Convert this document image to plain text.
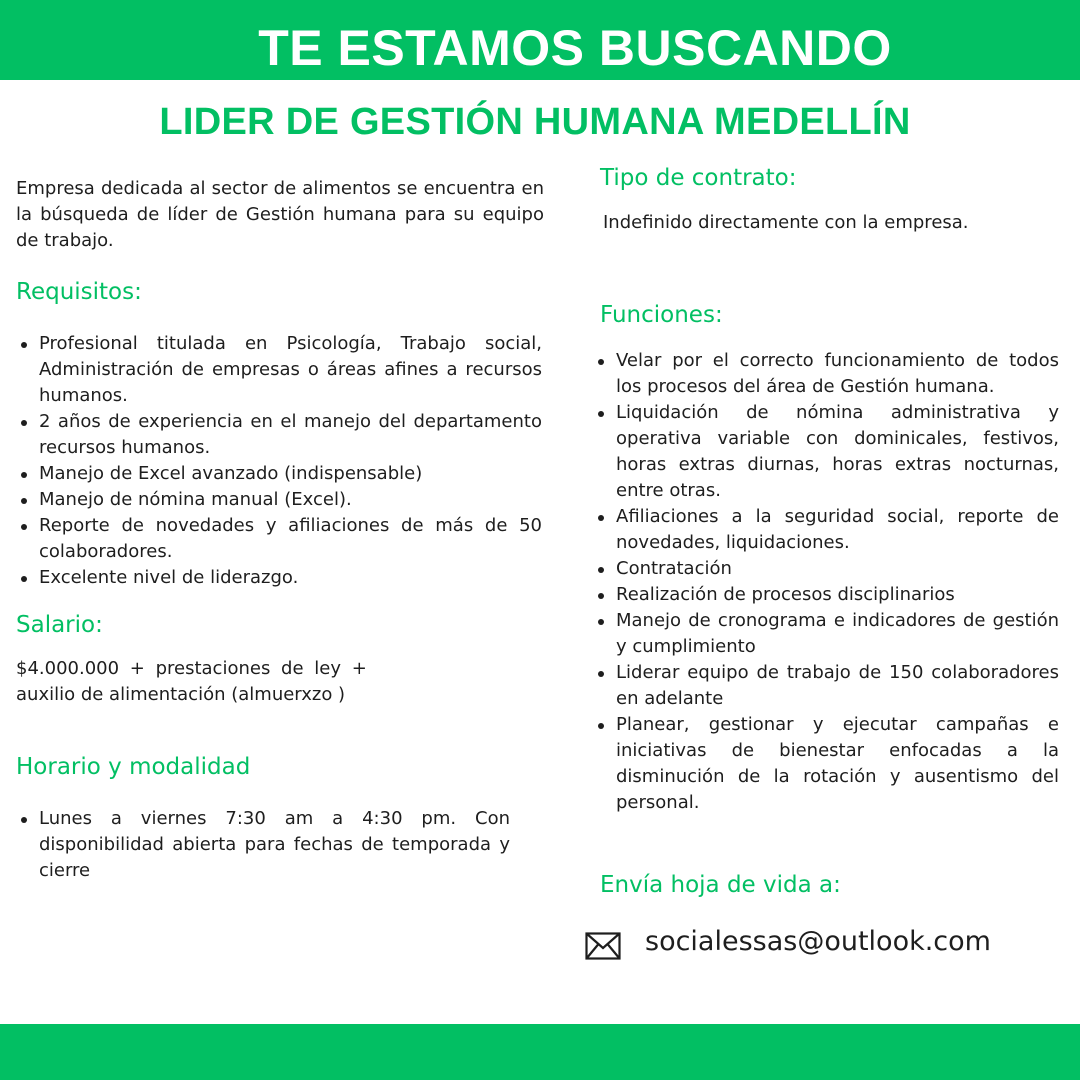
TE ESTAMOS BUSCANDO
LIDER DE GESTIÓN HUMANA MEDELLÍN

Empresa dedicada al sector de alimentos se encuentra en la búsqueda de líder de Gestión humana para su equipo de trabajo.

Requisitos:
Profesional titulada en Psicología, Trabajo social, Administración de empresas o áreas afines a recursos humanos.
2 años de experiencia en el manejo del departamento recursos humanos.
Manejo de Excel avanzado (indispensable)
Manejo de nómina manual (Excel).
Reporte de novedades y afiliaciones de más de 50 colaboradores.
Excelente nivel de liderazgo.
Salario:
$4.000.000 + prestaciones de ley +
auxilio de alimentación (almuerxzo )
Horario y modalidad
Lunes a viernes 7:30 am a 4:30 pm. Con disponibilidad abierta para fechas de temporada y cierre
Tipo de contrato:

Indefinido directamente con la empresa.

Funciones:
Velar por el correcto funcionamiento de todos los procesos del área de Gestión humana.
Liquidación de nómina administrativa y operativa variable con dominicales, festivos, horas extras diurnas, horas extras nocturnas, entre otras.
Afiliaciones a la seguridad social, reporte de novedades, liquidaciones.
Contratación
Realización de procesos disciplinarios
Manejo de cronograma e indicadores de gestión y cumplimiento
Liderar equipo de trabajo de 150 colaboradores en adelante
Planear, gestionar y ejecutar campañas e iniciativas de bienestar enfocadas a la disminución de la rotación y ausentismo del personal.
Envía hoja de vida a:
socialessas@outlook.com
